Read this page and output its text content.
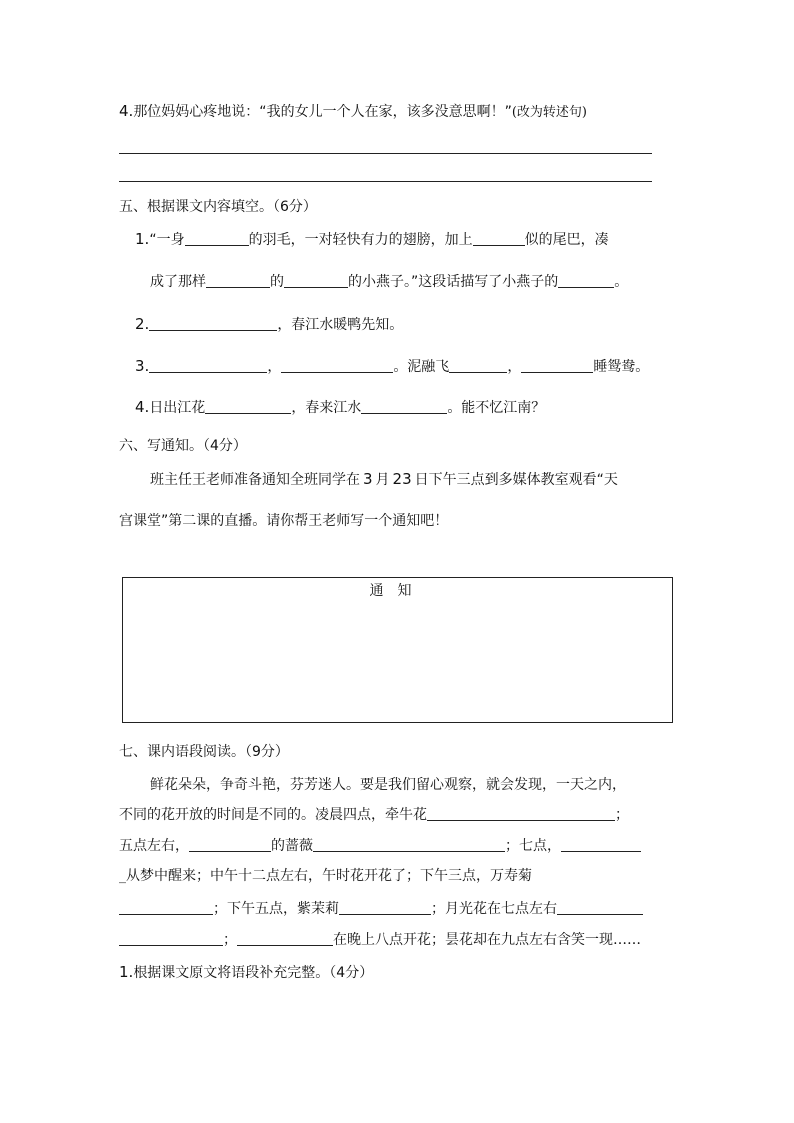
4.那位妈妈心疼地说：“我的女儿一个人在家，该多没意思啊！”(改为转述句)
五、根据课文内容填空。（6分）
1.“一身	的羽毛，一对轻快有力的翅膀，加上	似的尾巴，凑
成了那样	的	的小燕子。”这段话描写了小燕子的	。
2.	，春江水暖鸭先知。
3.	，	。泥融飞	，	睡鸳鸯。
4.日出江花	，春来江水	。能不忆江南？
六、写通知。（4分）
班主任王老师准备通知全班同学在 3 月 23 日下午三点到多媒体教室观看“天
宫课堂”第二课的直播。请你帮王老师写一个通知吧！
通知
七、课内语段阅读。（9分）
鲜花朵朵，争奇斗艳，芬芳迷人。要是我们留心观察，就会发现，一天之内，
不同的花开放的时间是不同的。凌晨四点，牵牛花	；
五点左右，	的蔷薇	；七点，
_从梦中醒来；中午十二点左右，午时花开花了；下午三点，万寿菊
；下午五点，紫茉莉	；月光花在七点左右
；	在晚上八点开花；昙花却在九点左右含笑一现……
1.根据课文原文将语段补充完整。（4分）
